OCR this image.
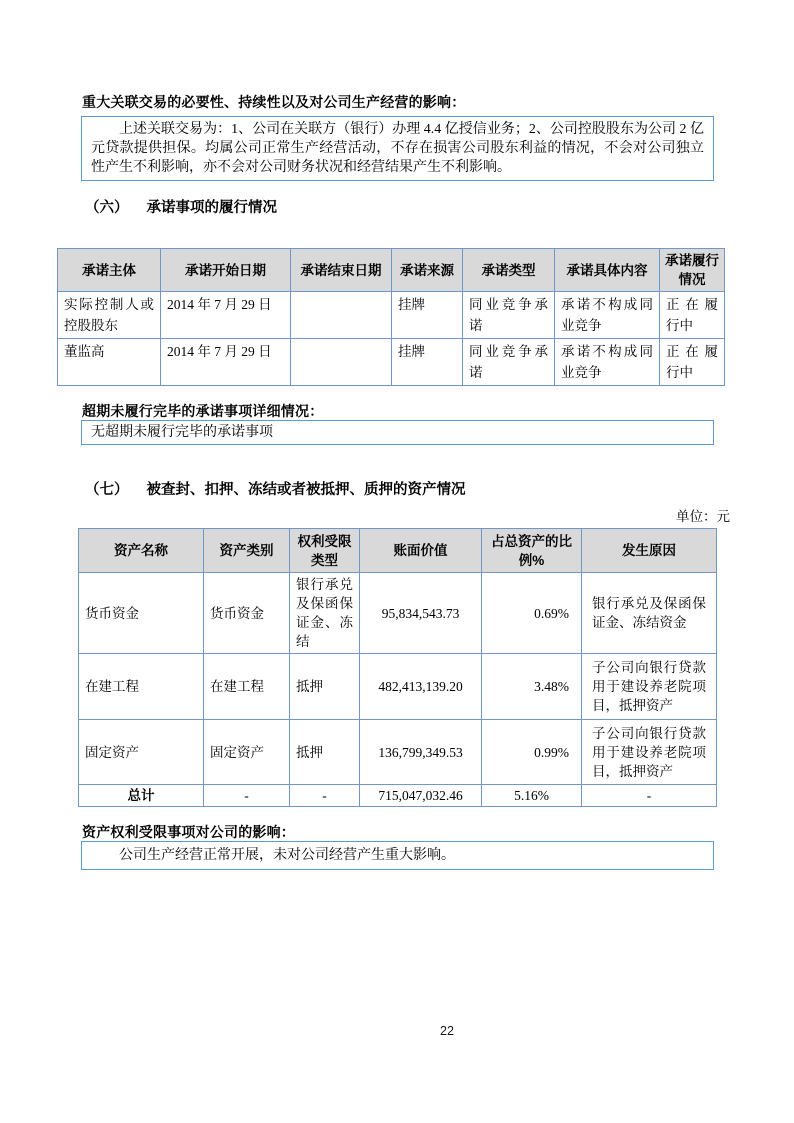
重大关联交易的必要性、持续性以及对公司生产经营的影响：

上述关联交易为：1、公司在关联方（银行）办理 4.4 亿授信业务；2、公司控股股东为公司 2 亿元贷款提供担保。均属公司正常生产经营活动，不存在损害公司股东利益的情况，不会对公司独立性产生不利影响，亦不会对公司财务状况和经营结果产生不利影响。

（六） 承诺事项的履行情况
承诺主体	承诺开始日期	承诺结束日期	承诺来源	承诺类型	承诺具体内容	承诺履行情况
实际控制人或控股股东	2014 年 7 月 29 日		挂牌	同业竞争承诺	承诺不构成同业竞争	正在履行中
董监高	2014 年 7 月 29 日		挂牌	同业竞争承诺	承诺不构成同业竞争	正在履行中
超期未履行完毕的承诺事项详细情况：
无超期未履行完毕的承诺事项
（七） 被查封、扣押、冻结或者被抵押、质押的资产情况
单位：元
资产名称	资产类别	权利受限类型	账面价值	占总资产的比例%	发生原因
货币资金	货币资金	银行承兑及保函保证金、冻结	95,834,543.73	0.69%	银行承兑及保函保证金、冻结资金
在建工程	在建工程	抵押	482,413,139.20	3.48%	子公司向银行贷款用于建设养老院项目，抵押资产
固定资产	固定资产	抵押	136,799,349.53	0.99%	子公司向银行贷款用于建设养老院项目，抵押资产
总计	-	-	715,047,032.46	5.16%	-
资产权利受限事项对公司的影响：

公司生产经营正常开展，未对公司经营产生重大影响。

22
